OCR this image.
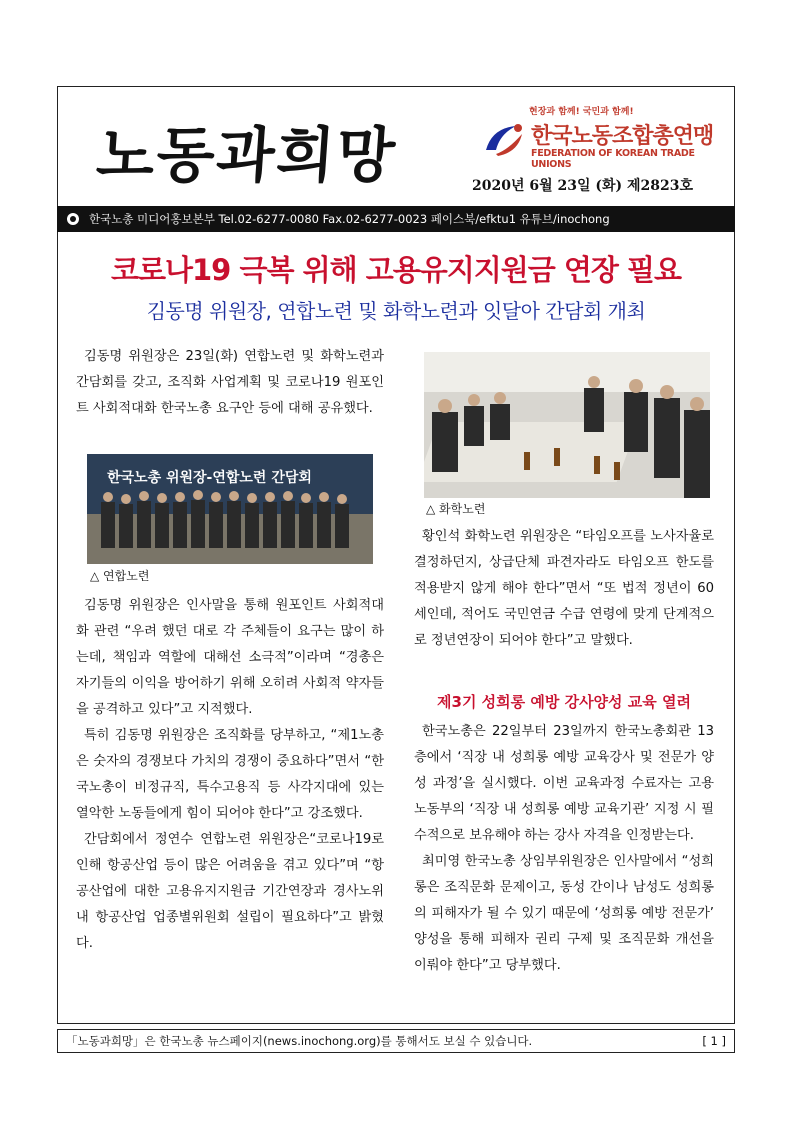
노동과희망
현장과 함께! 국민과 함께!
한국노동조합총연맹
FEDERATION OF KOREAN TRADE UNIONS
2020년 6월 23일 (화) 제2823호
한국노총 미디어홍보본부 Tel.02-6277-0080 Fax.02-6277-0023 페이스북/efktu1 유튜브/inochong
코로나19 극복 위해 고용유지지원금 연장 필요
김동명 위원장, 연합노련 및 화학노련과 잇달아 간담회 개최

김동명 위원장은 23일(화) 연합노련 및 화학노련과 간담회를 갖고, 조직화 사업계획 및 코로나19 원포인트 사회적대화 한국노총 요구안 등에 대해 공유했다.

한국노총 위원장-연합노련 간담회
△ 연합노련

김동명 위원장은 인사말을 통해 원포인트 사회적대화 관련 “우려 했던 대로 각 주체들이 요구는 많이 하는데, 책임과 역할에 대해선 소극적”이라며 “경총은 자기들의 이익을 방어하기 위해 오히려 사회적 약자들을 공격하고 있다”고 지적했다.

특히 김동명 위원장은 조직화를 당부하고, “제1노총은 숫자의 경쟁보다 가치의 경쟁이 중요하다”면서 “한국노총이 비정규직, 특수고용직 등 사각지대에 있는 열악한 노동들에게 힘이 되어야 한다”고 강조했다.

간담회에서 정연수 연합노련 위원장은“코로나19로 인해 항공산업 등이 많은 어려움을 겪고 있다”며 “항공산업에 대한 고용유지지원금 기간연장과 경사노위 내 항공산업 업종별위원회 설립이 필요하다”고 밝혔다.

△ 화학노련

황인석 화학노련 위원장은 “타임오프를 노사자율로 결정하던지, 상급단체 파견자라도 타임오프 한도를 적용받지 않게 해야 한다”면서 “또 법적 정년이 60세인데, 적어도 국민연금 수급 연령에 맞게 단계적으로 정년연장이 되어야 한다”고 말했다.

제3기 성희롱 예방 강사양성 교육 열려

한국노총은 22일부터 23일까지 한국노총회관 13층에서 ‘직장 내 성희롱 예방 교육강사 및 전문가 양성 과정’을 실시했다. 이번 교육과정 수료자는 고용노동부의 ‘직장 내 성희롱 예방 교육기관’ 지정 시 필수적으로 보유해야 하는 강사 자격을 인정받는다.

최미영 한국노총 상임부위원장은 인사말에서 “성희롱은 조직문화 문제이고, 동성 간이나 남성도 성희롱의 피해자가 될 수 있기 때문에 ‘성희롱 예방 전문가’ 양성을 통해 피해자 권리 구제 및 조직문화 개선을 이뤄야 한다”고 당부했다.

「노동과희망」은 한국노총 뉴스페이지(news.inochong.org)를 통해서도 보실 수 있습니다.	[ 1 ]
